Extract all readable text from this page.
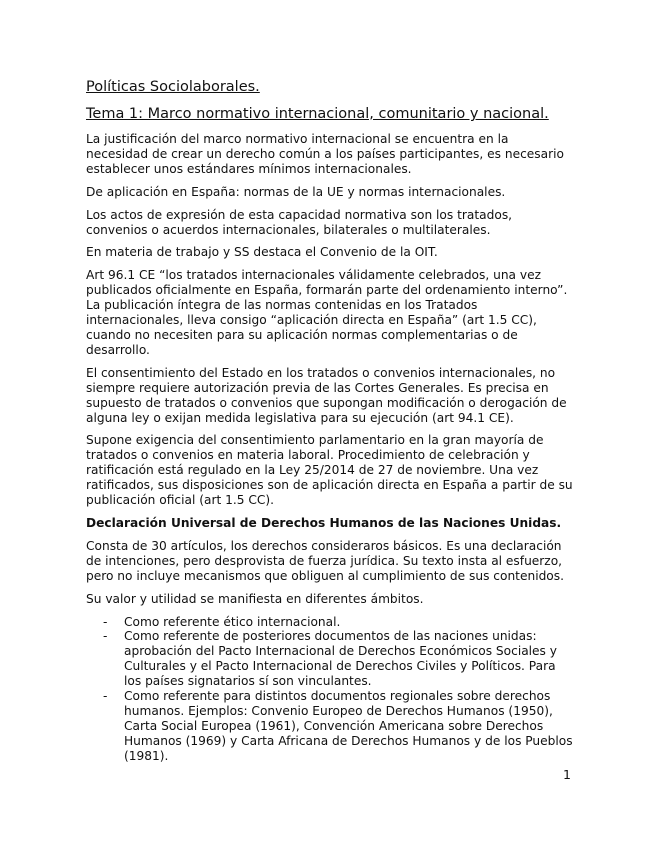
Políticas Sociolaborales.
Tema 1: Marco normativo internacional, comunitario y nacional.

La justificación del marco normativo internacional se encuentra en la necesidad de crear un derecho común a los países participantes, es necesario establecer unos estándares mínimos internacionales.

De aplicación en España: normas de la UE y normas internacionales.

Los actos de expresión de esta capacidad normativa son los tratados, convenios o acuerdos internacionales, bilaterales o multilaterales.

En materia de trabajo y SS destaca el Convenio de la OIT.

Art 96.1 CE “los tratados internacionales válidamente celebrados, una vez publicados oficialmente en España, formarán parte del ordenamiento interno”. La publicación íntegra de las normas contenidas en los Tratados internacionales, lleva consigo “aplicación directa en España” (art 1.5 CC), cuando no necesiten para su aplicación normas complementarias o de desarrollo.

El consentimiento del Estado en los tratados o convenios internacionales, no siempre requiere autorización previa de las Cortes Generales. Es precisa en supuesto de tratados o convenios que supongan modificación o derogación de alguna ley o exijan medida legislativa para su ejecución (art 94.1 CE).

Supone exigencia del consentimiento parlamentario en la gran mayoría de tratados o convenios en materia laboral. Procedimiento de celebración y ratificación está regulado en la Ley 25/2014 de 27 de noviembre. Una vez ratificados, sus disposiciones son de aplicación directa en España a partir de su publicación oficial (art 1.5 CC).

Declaración Universal de Derechos Humanos de las Naciones Unidas.

Consta de 30 artículos, los derechos consideraros básicos. Es una declaración de intenciones, pero desprovista de fuerza jurídica. Su texto insta al esfuerzo, pero no incluye mecanismos que obliguen al cumplimiento de sus contenidos.

Su valor y utilidad se manifiesta en diferentes ámbitos.

- Como referente ético internacional.
- Como referente de posteriores documentos de las naciones unidas: aprobación del Pacto Internacional de Derechos Económicos Sociales y Culturales y el Pacto Internacional de Derechos Civiles y Políticos. Para los países signatarios sí son vinculantes.
- Como referente para distintos documentos regionales sobre derechos humanos. Ejemplos: Convenio Europeo de Derechos Humanos (1950), Carta Social Europea (1961), Convención Americana sobre Derechos Humanos (1969) y Carta Africana de Derechos Humanos y de los Pueblos (1981).
1
